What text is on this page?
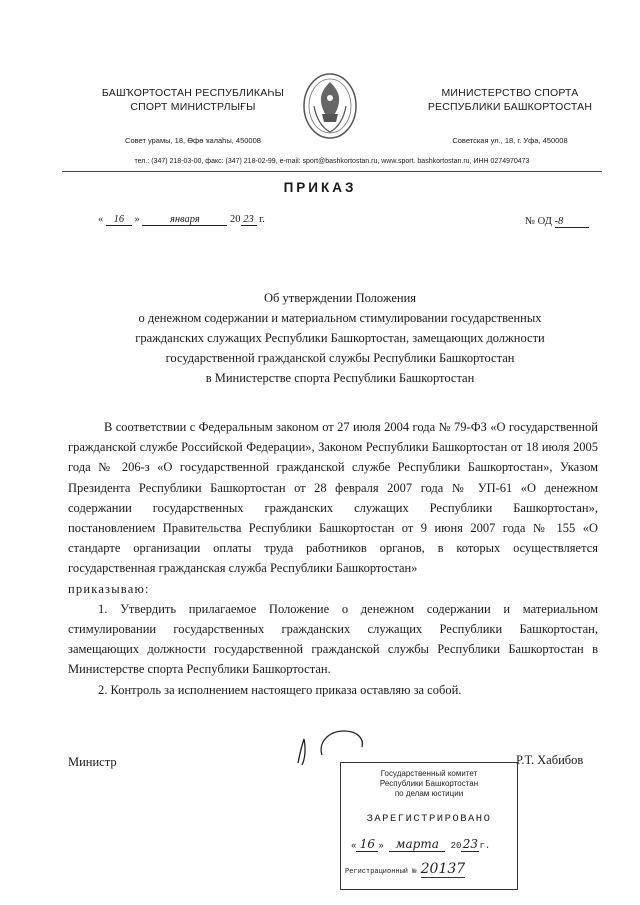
БАШҠОРТОСТАН РЕСПУБЛИКАҺЫ
СПОРТ МИНИСТРЛЫҒЫ
Совет урамы, 18, Өфө ҡалаһы, 450008
МИНИСТЕРСТВО СПОРТА
РЕСПУБЛИКИ БАШКОРТОСТАН
Советская ул., 18, г. Уфа, 450008
тел.: (347) 218-03-00, факс: (347) 218-02-99, e-mail: sport@bashkortostan.ru, www.sport. bashkortostan.ru, ИНН 0274970473
ПРИКАЗ
« 16 »	января	20 23 г.	№ ОД -8
Об утверждении Положения
о денежном содержании и материальном стимулировании государственных
гражданских служащих Республики Башкортостан, замещающих должности
государственной гражданской службы Республики Башкортостан
в Министерстве спорта Республики Башкортостан

В соответствии с Федеральным законом от 27 июля 2004 года № 79-ФЗ «О государственной гражданской службе Российской Федерации», Законом Республики Башкортостан от 18 июля 2005 года № 206-з «О государственной гражданской службе Республики Башкортостан», Указом Президента Республики Башкортостан от 28 февраля 2007 года № УП-61 «О денежном содержании государственных гражданских служащих Республики Башкортостан», постановлением Правительства Республики Башкортостан от 9 июня 2007 года № 155 «О стандарте организации оплаты труда работников органов, в которых осуществляется государственная гражданская служба Республики Башкортостан»

приказываю:

1. Утвердить прилагаемое Положение о денежном содержании и материальном стимулировании государственных гражданских служащих Республики Башкортостан, замещающих должности государственной гражданской службы Республики Башкортостан в Министерстве спорта Республики Башкортостан.

2. Контроль за исполнением настоящего приказа оставляю за собой.

Министр	Р.Т. Хабибов
Государственный комитет
Республики Башкортостан
по делам юстиции
ЗАРЕГИСТРИРОВАНО
« 16 » марта 2023г.
Регистрационный № 20137
